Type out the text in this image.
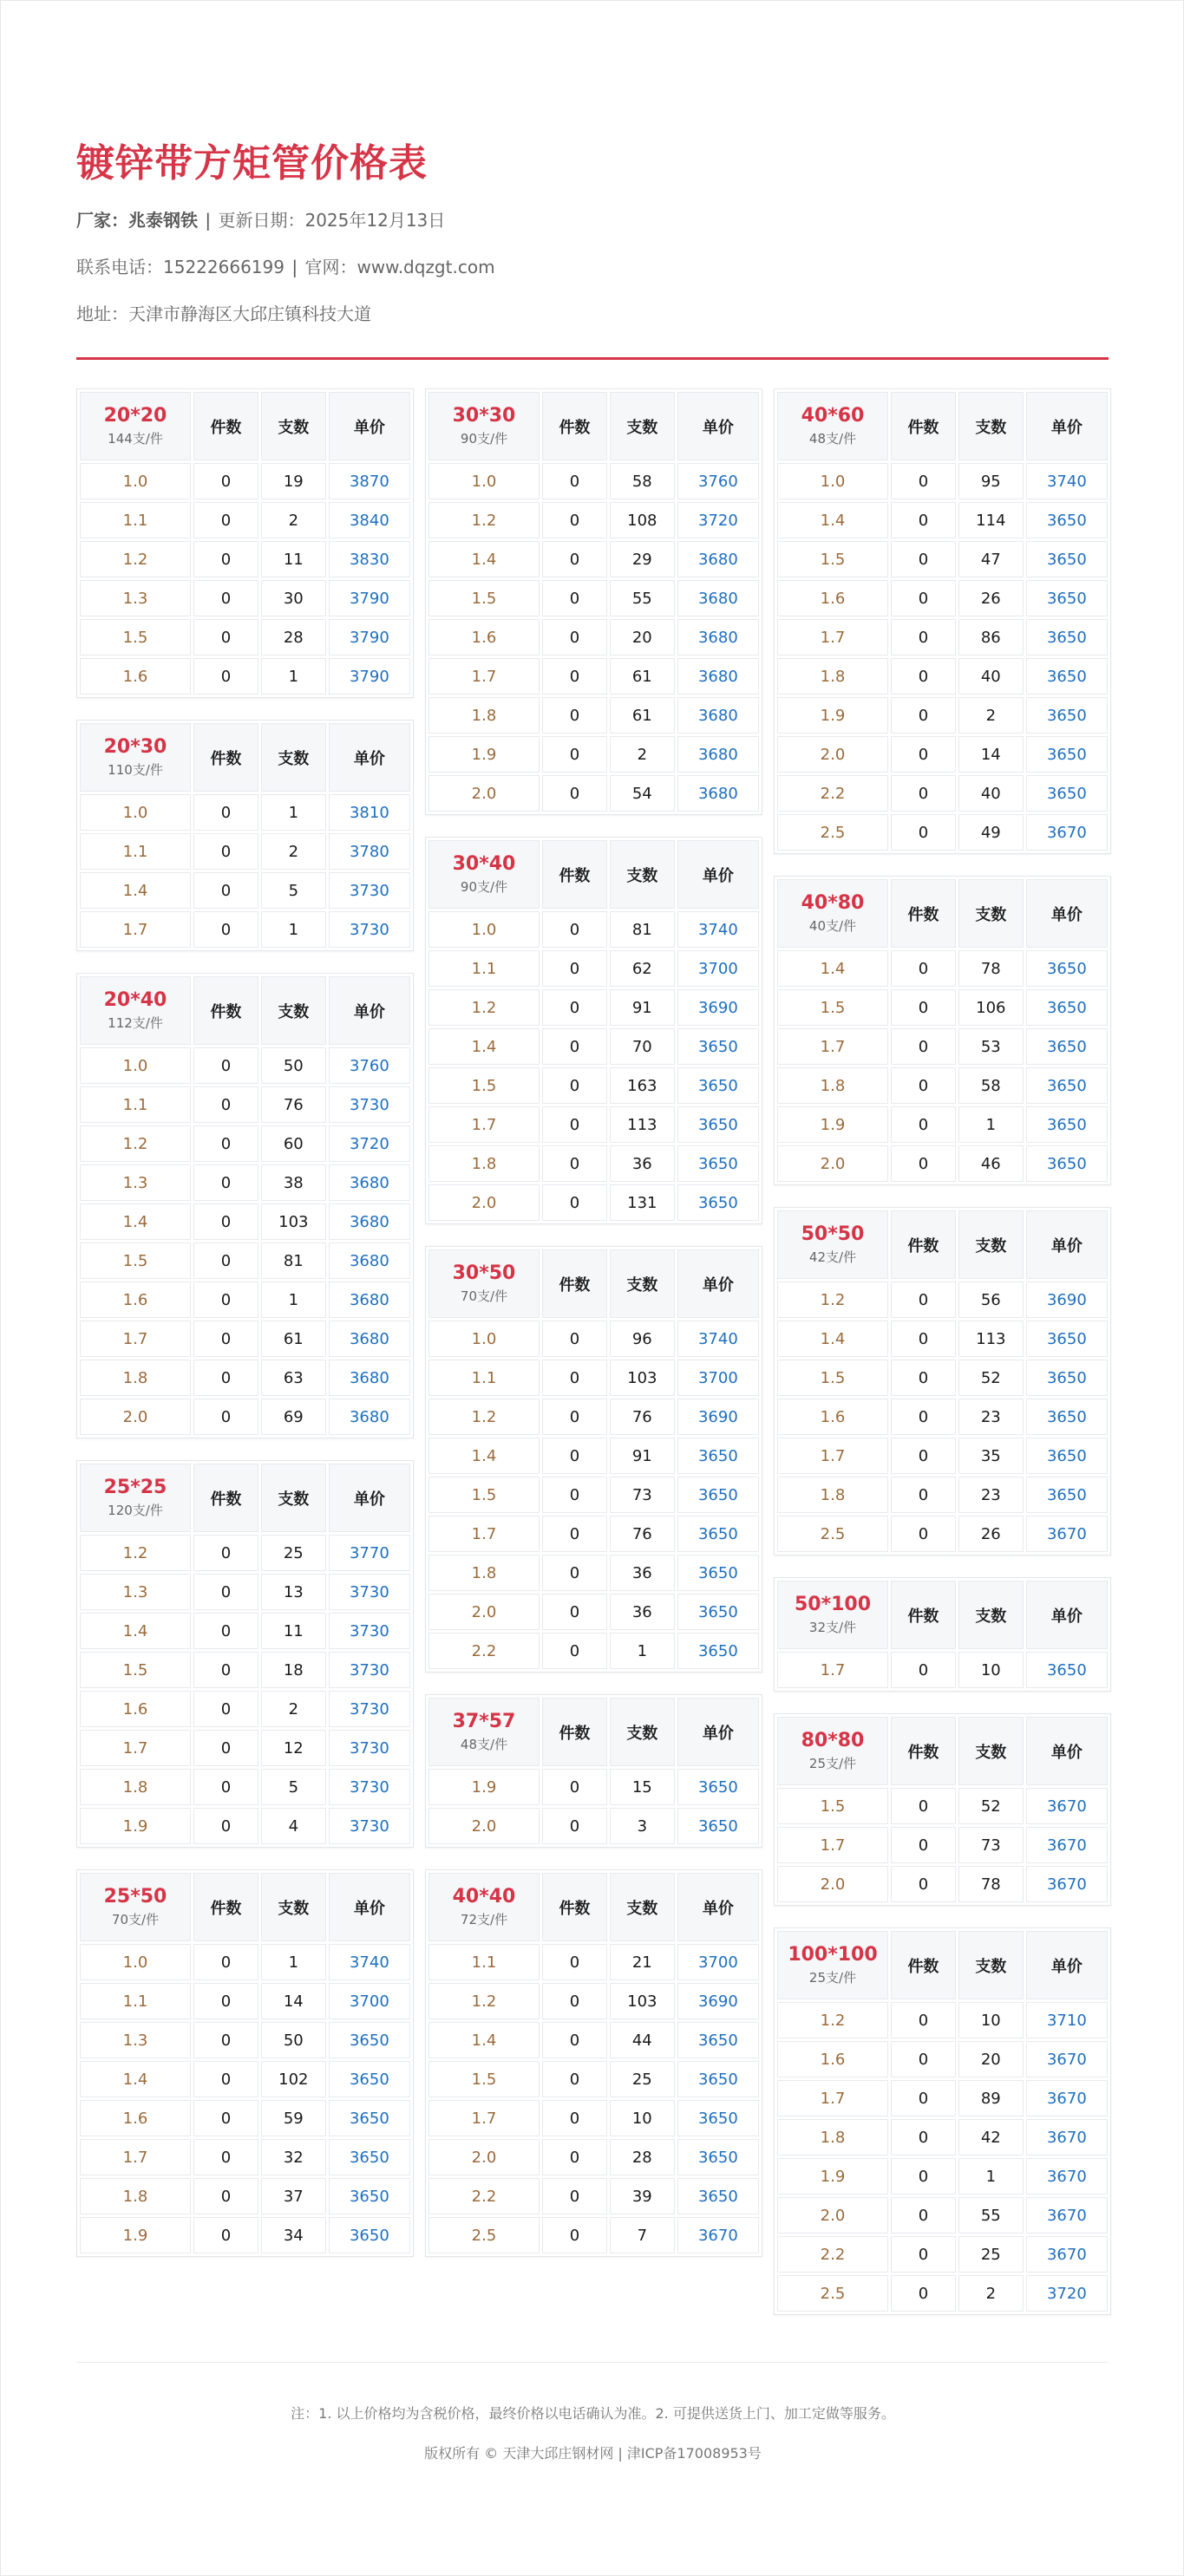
镀锌带方矩管价格表
厂家：兆泰钢铁 | 更新日期：2025年12月13日
联系电话：15222666199 | 官网：www.dqzgt.com
地址：天津市静海区大邱庄镇科技大道
20*20
144支/件	件数	支数	单价
1.0	0	19	3870
1.1	0	2	3840
1.2	0	11	3830
1.3	0	30	3790
1.5	0	28	3790
1.6	0	1	3790
20*30
110支/件	件数	支数	单价
1.0	0	1	3810
1.1	0	2	3780
1.4	0	5	3730
1.7	0	1	3730
20*40
112支/件	件数	支数	单价
1.0	0	50	3760
1.1	0	76	3730
1.2	0	60	3720
1.3	0	38	3680
1.4	0	103	3680
1.5	0	81	3680
1.6	0	1	3680
1.7	0	61	3680
1.8	0	63	3680
2.0	0	69	3680
25*25
120支/件	件数	支数	单价
1.2	0	25	3770
1.3	0	13	3730
1.4	0	11	3730
1.5	0	18	3730
1.6	0	2	3730
1.7	0	12	3730
1.8	0	5	3730
1.9	0	4	3730
25*50
70支/件	件数	支数	单价
1.0	0	1	3740
1.1	0	14	3700
1.3	0	50	3650
1.4	0	102	3650
1.6	0	59	3650
1.7	0	32	3650
1.8	0	37	3650
1.9	0	34	3650
30*30
90支/件	件数	支数	单价
1.0	0	58	3760
1.2	0	108	3720
1.4	0	29	3680
1.5	0	55	3680
1.6	0	20	3680
1.7	0	61	3680
1.8	0	61	3680
1.9	0	2	3680
2.0	0	54	3680
30*40
90支/件	件数	支数	单价
1.0	0	81	3740
1.1	0	62	3700
1.2	0	91	3690
1.4	0	70	3650
1.5	0	163	3650
1.7	0	113	3650
1.8	0	36	3650
2.0	0	131	3650
30*50
70支/件	件数	支数	单价
1.0	0	96	3740
1.1	0	103	3700
1.2	0	76	3690
1.4	0	91	3650
1.5	0	73	3650
1.7	0	76	3650
1.8	0	36	3650
2.0	0	36	3650
2.2	0	1	3650
37*57
48支/件	件数	支数	单价
1.9	0	15	3650
2.0	0	3	3650
40*40
72支/件	件数	支数	单价
1.1	0	21	3700
1.2	0	103	3690
1.4	0	44	3650
1.5	0	25	3650
1.7	0	10	3650
2.0	0	28	3650
2.2	0	39	3650
2.5	0	7	3670
40*60
48支/件	件数	支数	单价
1.0	0	95	3740
1.4	0	114	3650
1.5	0	47	3650
1.6	0	26	3650
1.7	0	86	3650
1.8	0	40	3650
1.9	0	2	3650
2.0	0	14	3650
2.2	0	40	3650
2.5	0	49	3670
40*80
40支/件	件数	支数	单价
1.4	0	78	3650
1.5	0	106	3650
1.7	0	53	3650
1.8	0	58	3650
1.9	0	1	3650
2.0	0	46	3650
50*50
42支/件	件数	支数	单价
1.2	0	56	3690
1.4	0	113	3650
1.5	0	52	3650
1.6	0	23	3650
1.7	0	35	3650
1.8	0	23	3650
2.5	0	26	3670
50*100
32支/件	件数	支数	单价
1.7	0	10	3650
80*80
25支/件	件数	支数	单价
1.5	0	52	3670
1.7	0	73	3670
2.0	0	78	3670
100*100
25支/件	件数	支数	单价
1.2	0	10	3710
1.6	0	20	3670
1.7	0	89	3670
1.8	0	42	3670
1.9	0	1	3670
2.0	0	55	3670
2.2	0	25	3670
2.5	0	2	3720
注：1. 以上价格均为含税价格，最终价格以电话确认为准。2. 可提供送货上门、加工定做等服务。
版权所有 © 天津大邱庄钢材网 | 津ICP备17008953号
